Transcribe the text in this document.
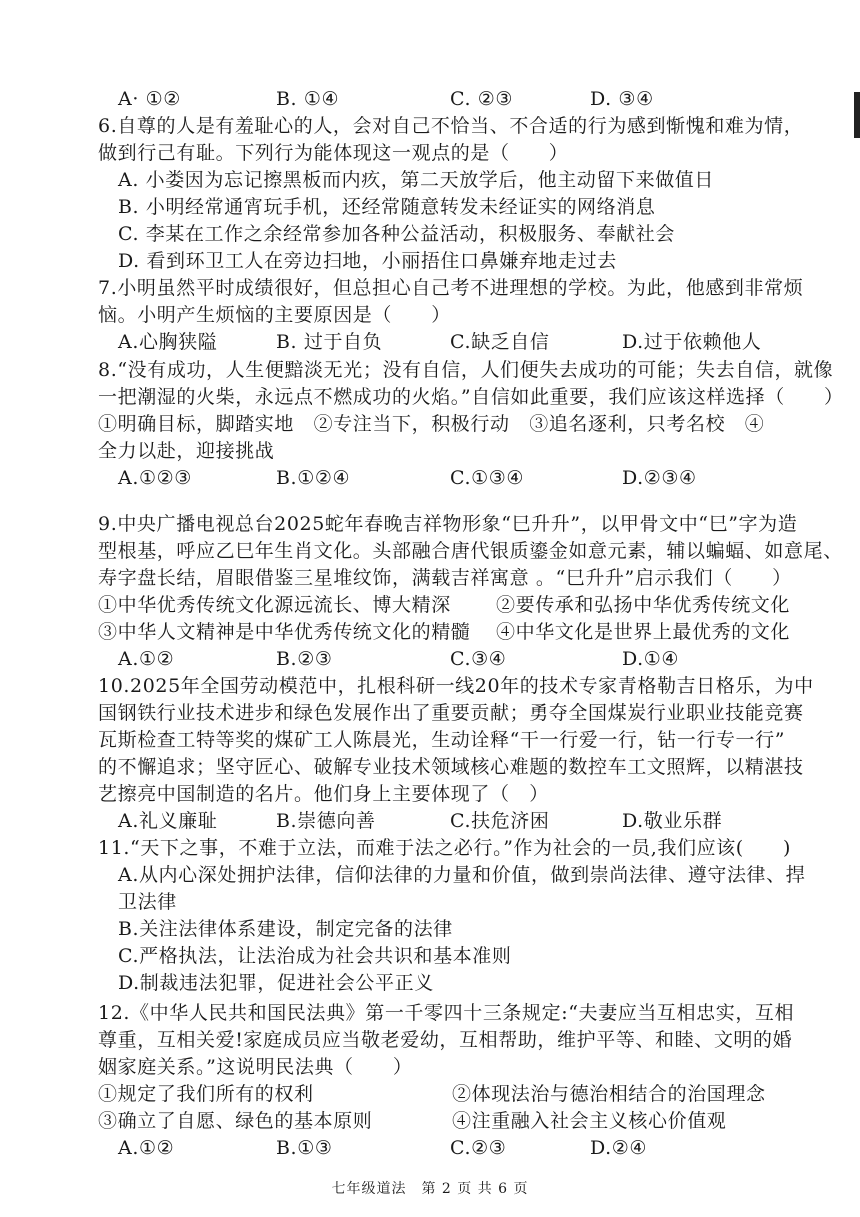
A· ①②	B. ①④	C. ②③	D. ③④
6.自尊的人是有羞耻心的人，会对自己不恰当、不合适的行为感到惭愧和难为情，
做到行己有耻。下列行为能体现这一观点的是（　　）
A. 小娄因为忘记擦黑板而内疚，第二天放学后，他主动留下来做值日
B. 小明经常通宵玩手机，还经常随意转发未经证实的网络消息
C. 李某在工作之余经常参加各种公益活动，积极服务、奉献社会
D. 看到环卫工人在旁边扫地，小丽捂住口鼻嫌弃地走过去
7.小明虽然平时成绩很好，但总担心自己考不进理想的学校。为此，他感到非常烦
恼。小明产生烦恼的主要原因是（　　）
A.心胸狭隘	B. 过于自负	C.缺乏自信	D.过于依赖他人
8.“没有成功，人生便黯淡无光；没有自信，人们便失去成功的可能；失去自信，就像
一把潮湿的火柴，永远点不燃成功的火焰。”自信如此重要，我们应该这样选择（　　）
①明确目标，脚踏实地　②专注当下，积极行动　③追名逐利，只考名校　④
全力以赴，迎接挑战
A.①②③	B.①②④	C.①③④	D.②③④
9.中央广播电视总台2025蛇年春晚吉祥物形象“巳升升”，以甲骨文中“巳”字为造
型根基，呼应乙巳年生肖文化。头部融合唐代银质鎏金如意元素，辅以蝙蝠、如意尾、
寿字盘长结，眉眼借鉴三星堆纹饰，满载吉祥寓意 。“巳升升”启示我们（　　）
①中华优秀传统文化源远流长、博大精深 ②要传承和弘扬中华优秀传统文化
③中华人文精神是中华优秀传统文化的精髓 ④中华文化是世界上最优秀的文化
A.①②	B.②③	C.③④	D.①④
10.2025年全国劳动模范中，扎根科研一线20年的技术专家青格勒吉日格乐，为中
国钢铁行业技术进步和绿色发展作出了重要贡献；勇夺全国煤炭行业职业技能竞赛
瓦斯检查工特等奖的煤矿工人陈晨光，生动诠释“干一行爱一行，钻一行专一行”
的不懈追求；坚守匠心、破解专业技术领域核心难题的数控车工文照辉，以精湛技
艺擦亮中国制造的名片。他们身上主要体现了（　）
A.礼义廉耻	B.崇德向善	C.扶危济困	D.敬业乐群
11.“天下之事，不难于立法，而难于法之必行。”作为社会的一员,我们应该(　　)
A.从内心深处拥护法律，信仰法律的力量和价值，做到崇尚法律、遵守法律、捍
卫法律
B.关注法律体系建设，制定完备的法律
C.严格执法，让法治成为社会共识和基本准则
D.制裁违法犯罪，促进社会公平正义
12.《中华人民共和国民法典》第一千零四十三条规定:“夫妻应当互相忠实，互相
尊重，互相关爱!家庭成员应当敬老爱幼，互相帮助，维护平等、和睦、文明的婚
姻家庭关系。”这说明民法典（　　）
①规定了我们所有的权利	②体现法治与德治相结合的治国理念
③确立了自愿、绿色的基本原则	④注重融入社会主义核心价值观
A.①②
七年级道法　第 2 页 共 6 页
B.①③	C.②③	D.②④
